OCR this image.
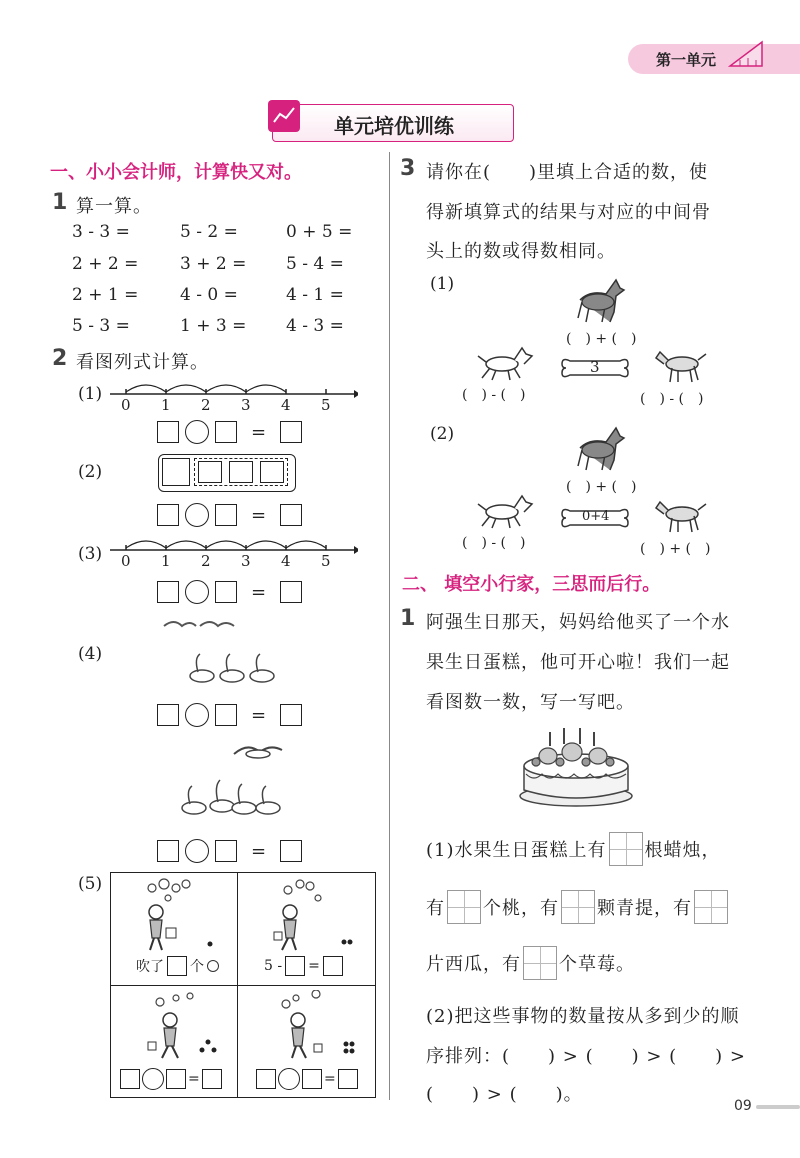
第一单元
单元培优训练
一、小小会计师，计算快又对。
1 算一算。
3 - 3 =	5 - 2 =	0 + 5 =
2 + 2 = 3 + 2 = 5 - 4 =
2 + 1 = 4 - 0 =	4 - 1 =
5 - 3 =	1 + 3 = 4 - 3 =
2 看图列式计算。
(1)
0 1 2 3 4 5
=
(2)
=
(3) 0 1 2 3 4 5
=
(4)
=
=
(5)
吹了 个	5 - =
=	=
3 请你在(　　)里填上合适的数，使
得新填算式的结果与对应的中间骨
头上的数或得数相同。
(1)
(　) + (　)
3
(　) - (　)	(　) - (　)
(2)
(　) + (　)
0+4
(　) - (　)	(　) + (　)
二、 填空小行家，三思而后行。
1 阿强生日那天，妈妈给他买了一个水
果生日蛋糕，他可开心啦！我们一起
看图数一数，写一写吧。
(1)水果生日蛋糕上有 根蜡烛，
有 个桃，有 颗青提，有
片西瓜，有 个草莓。
(2)把这些事物的数量按从多到少的顺
序排列：(　　) > (　　) > (　　) >
(　　) > (　　)。
09
